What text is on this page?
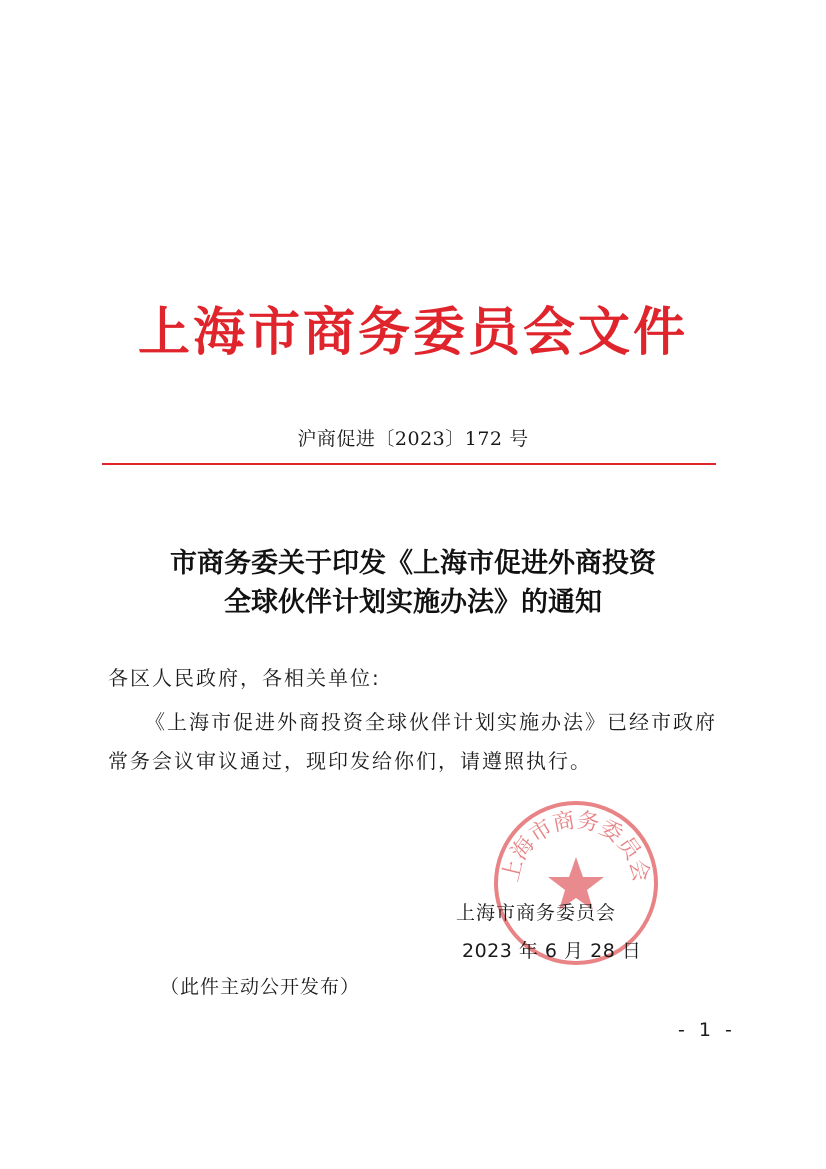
上海市商务委员会文件
沪商促进〔2023〕172 号
市商务委关于印发《上海市促进外商投资
全球伙伴计划实施办法》的通知
各区人民政府，各相关单位:
《上海市促进外商投资全球伙伴计划实施办法》已经市政府
常务会议审议通过，现印发给你们，请遵照执行。
上海市商务委员会
上海市商务委员会
2023 年 6 月 28 日
（此件主动公开发布）
- 1 -
